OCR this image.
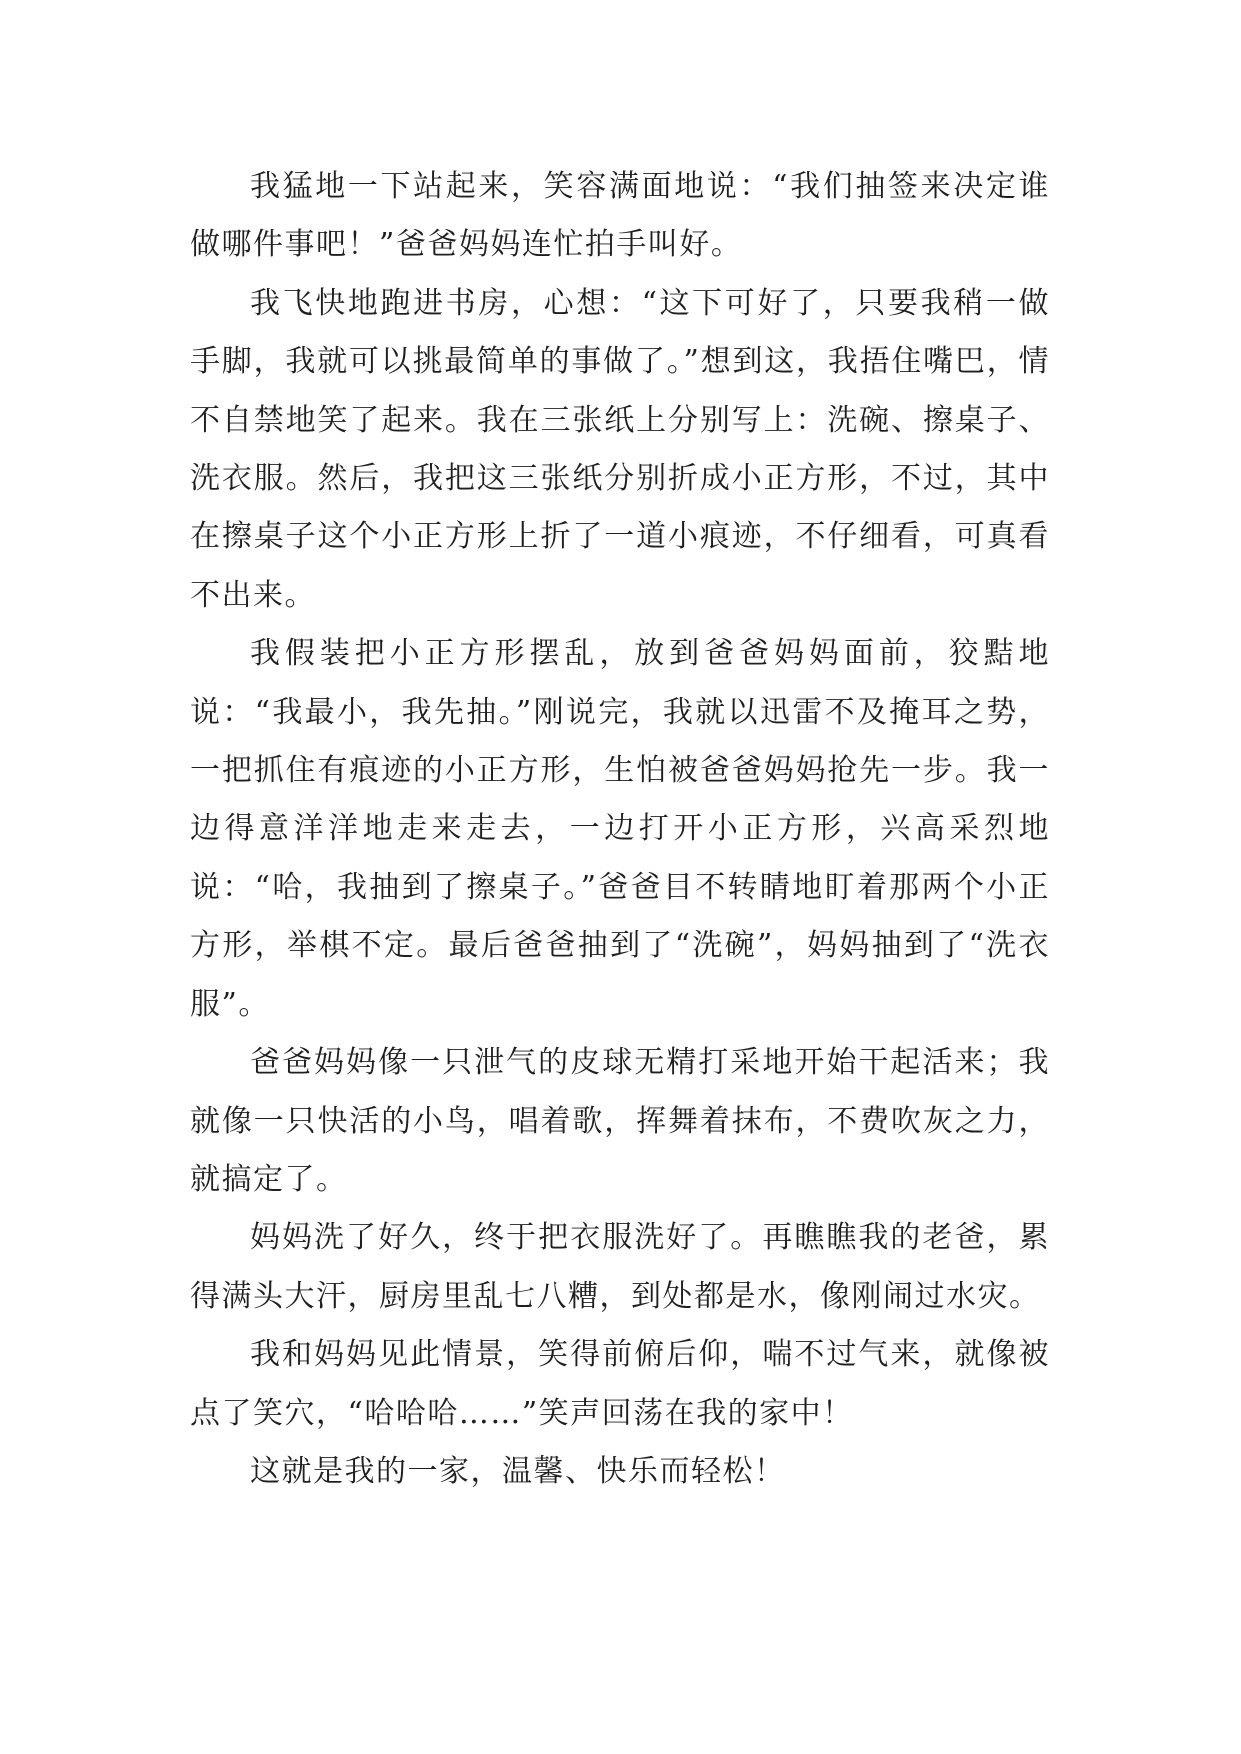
我猛地一下站起来，笑容满面地说：“我们抽签来决定谁做哪件事吧！”爸爸妈妈连忙拍手叫好。

我飞快地跑进书房，心想：“这下可好了，只要我稍一做手脚，我就可以挑最简单的事做了。”想到这，我捂住嘴巴，情不自禁地笑了起来。我在三张纸上分别写上：洗碗、擦桌子、洗衣服。然后，我把这三张纸分别折成小正方形，不过，其中在擦桌子这个小正方形上折了一道小痕迹，不仔细看，可真看不出来。

我假装把小正方形摆乱，放到爸爸妈妈面前，狡黠地说：“我最小，我先抽。”刚说完，我就以迅雷不及掩耳之势，一把抓住有痕迹的小正方形，生怕被爸爸妈妈抢先一步。我一边得意洋洋地走来走去，一边打开小正方形，兴高采烈地说：“哈，我抽到了擦桌子。”爸爸目不转睛地盯着那两个小正方形，举棋不定。最后爸爸抽到了“洗碗”，妈妈抽到了“洗衣服”。

爸爸妈妈像一只泄气的皮球无精打采地开始干起活来；我就像一只快活的小鸟，唱着歌，挥舞着抹布，不费吹灰之力，就搞定了。

妈妈洗了好久，终于把衣服洗好了。再瞧瞧我的老爸，累得满头大汗，厨房里乱七八糟，到处都是水，像刚闹过水灾。

我和妈妈见此情景，笑得前俯后仰，喘不过气来，就像被点了笑穴，“哈哈哈……”笑声回荡在我的家中！

这就是我的一家，温馨、快乐而轻松！
